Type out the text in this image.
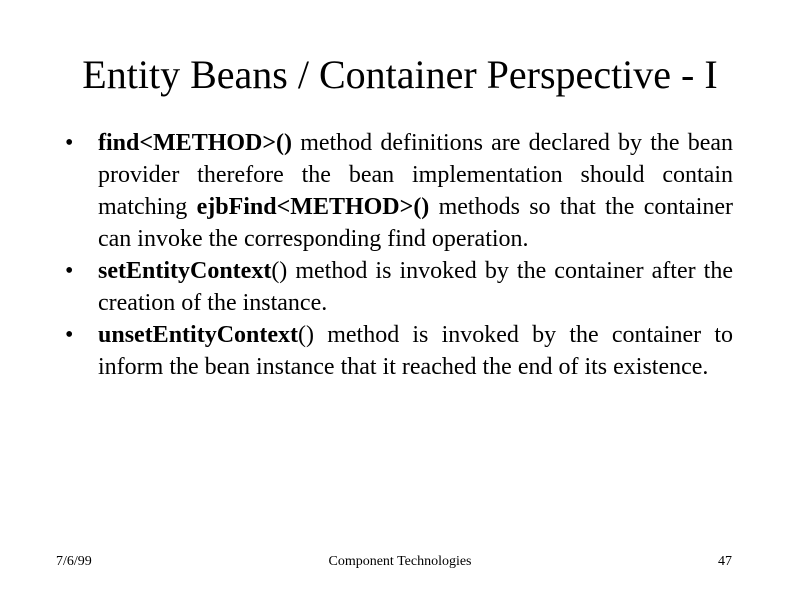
Entity Beans / Container Perspective - I
•	find<METHOD>() method definitions are declared by the bean provider therefore the bean implementation should contain matching ejbFind<METHOD>() methods so that the container can invoke the corresponding find operation.
•	setEntityContext() method is invoked by the container after the creation of the instance.
•	unsetEntityContext() method is invoked by the container to inform the bean instance that it reached the end of its existence.
7/6/99	Component Technologies	47
